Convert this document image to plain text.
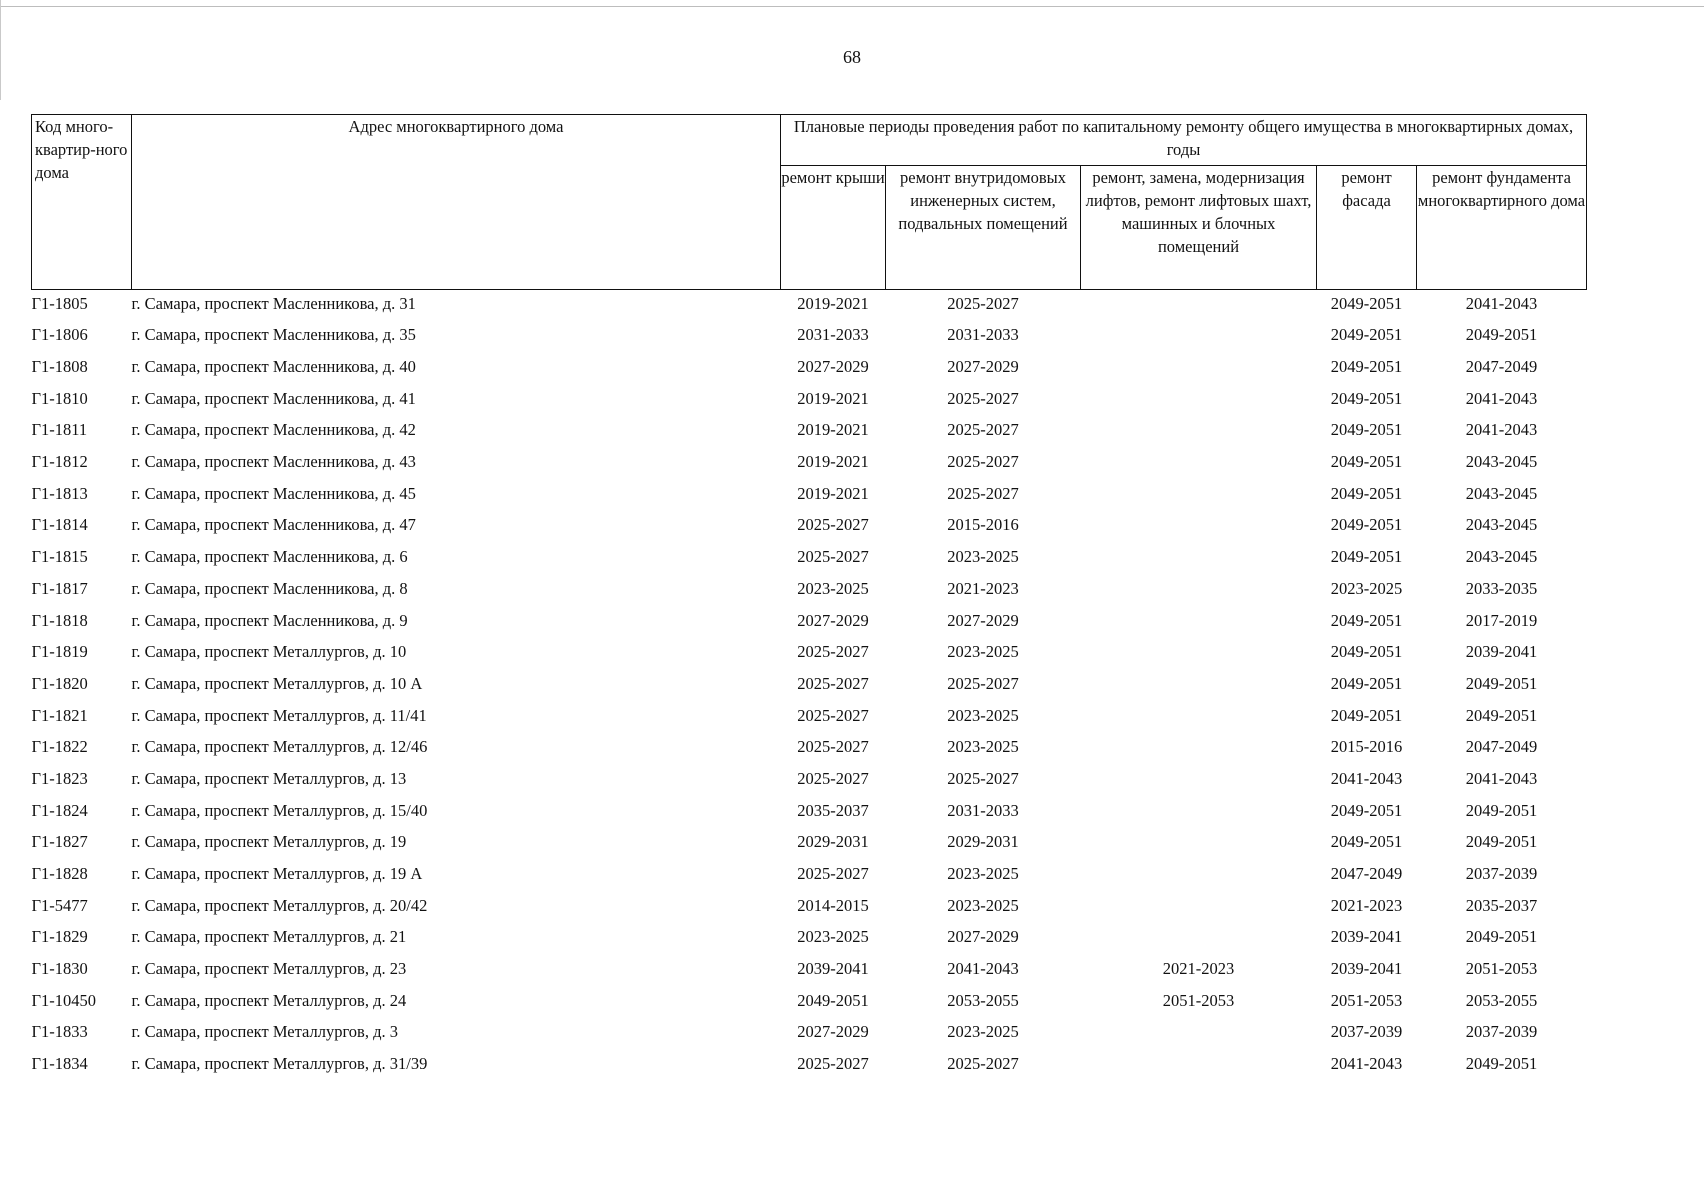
68
Код много-квартир-ного дома	Адрес многоквартирного дома	Плановые периоды проведения работ по капитальному ремонту общего имущества в многоквартирных домах, годы				
		ремонт крыши	ремонт внутридомовых инженерных систем, подвальных помещений	ремонт, замена, модернизация лифтов, ремонт лифтовых шахт, машинных и блочных помещений	ремонт фасада	ремонт фундамента многоквартирного дома
Г1-1805	г. Самара, проспект Масленникова, д. 31	2019-2021	2025-2027		2049-2051	2041-2043
Г1-1806	г. Самара, проспект Масленникова, д. 35	2031-2033	2031-2033		2049-2051	2049-2051
Г1-1808	г. Самара, проспект Масленникова, д. 40	2027-2029	2027-2029		2049-2051	2047-2049
Г1-1810	г. Самара, проспект Масленникова, д. 41	2019-2021	2025-2027		2049-2051	2041-2043
Г1-1811	г. Самара, проспект Масленникова, д. 42	2019-2021	2025-2027		2049-2051	2041-2043
Г1-1812	г. Самара, проспект Масленникова, д. 43	2019-2021	2025-2027		2049-2051	2043-2045
Г1-1813	г. Самара, проспект Масленникова, д. 45	2019-2021	2025-2027		2049-2051	2043-2045
Г1-1814	г. Самара, проспект Масленникова, д. 47	2025-2027	2015-2016		2049-2051	2043-2045
Г1-1815	г. Самара, проспект Масленникова, д. 6	2025-2027	2023-2025		2049-2051	2043-2045
Г1-1817	г. Самара, проспект Масленникова, д. 8	2023-2025	2021-2023		2023-2025	2033-2035
Г1-1818	г. Самара, проспект Масленникова, д. 9	2027-2029	2027-2029		2049-2051	2017-2019
Г1-1819	г. Самара, проспект Металлургов, д. 10	2025-2027	2023-2025		2049-2051	2039-2041
Г1-1820	г. Самара, проспект Металлургов, д. 10 А	2025-2027	2025-2027		2049-2051	2049-2051
Г1-1821	г. Самара, проспект Металлургов, д. 11/41	2025-2027	2023-2025		2049-2051	2049-2051
Г1-1822	г. Самара, проспект Металлургов, д. 12/46	2025-2027	2023-2025		2015-2016	2047-2049
Г1-1823	г. Самара, проспект Металлургов, д. 13	2025-2027	2025-2027		2041-2043	2041-2043
Г1-1824	г. Самара, проспект Металлургов, д. 15/40	2035-2037	2031-2033		2049-2051	2049-2051
Г1-1827	г. Самара, проспект Металлургов, д. 19	2029-2031	2029-2031		2049-2051	2049-2051
Г1-1828	г. Самара, проспект Металлургов, д. 19 А	2025-2027	2023-2025		2047-2049	2037-2039
Г1-5477	г. Самара, проспект Металлургов, д. 20/42	2014-2015	2023-2025		2021-2023	2035-2037
Г1-1829	г. Самара, проспект Металлургов, д. 21	2023-2025	2027-2029		2039-2041	2049-2051
Г1-1830	г. Самара, проспект Металлургов, д. 23	2039-2041	2041-2043	2021-2023	2039-2041	2051-2053
Г1-10450	г. Самара, проспект Металлургов, д. 24	2049-2051	2053-2055	2051-2053	2051-2053	2053-2055
Г1-1833	г. Самара, проспект Металлургов, д. 3	2027-2029	2023-2025		2037-2039	2037-2039
Г1-1834	г. Самара, проспект Металлургов, д. 31/39	2025-2027	2025-2027		2041-2043	2049-2051
